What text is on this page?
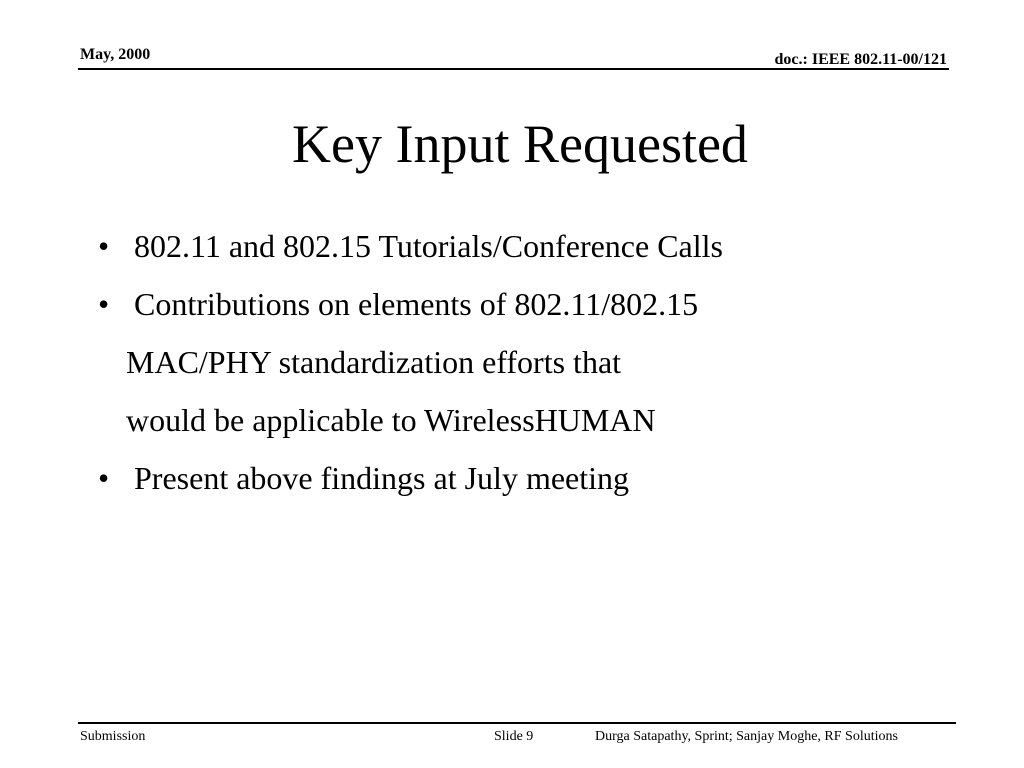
May, 2000	doc.: IEEE 802.11-00/121
Key Input Requested
• 802.11 and 802.15 Tutorials/Conference Calls
• Contributions on elements of 802.11/802.15
MAC/PHY standardization efforts that
would be applicable to WirelessHUMAN
• Present above findings at July meeting
Submission	Slide 9	Durga Satapathy, Sprint; Sanjay Moghe, RF Solutions
